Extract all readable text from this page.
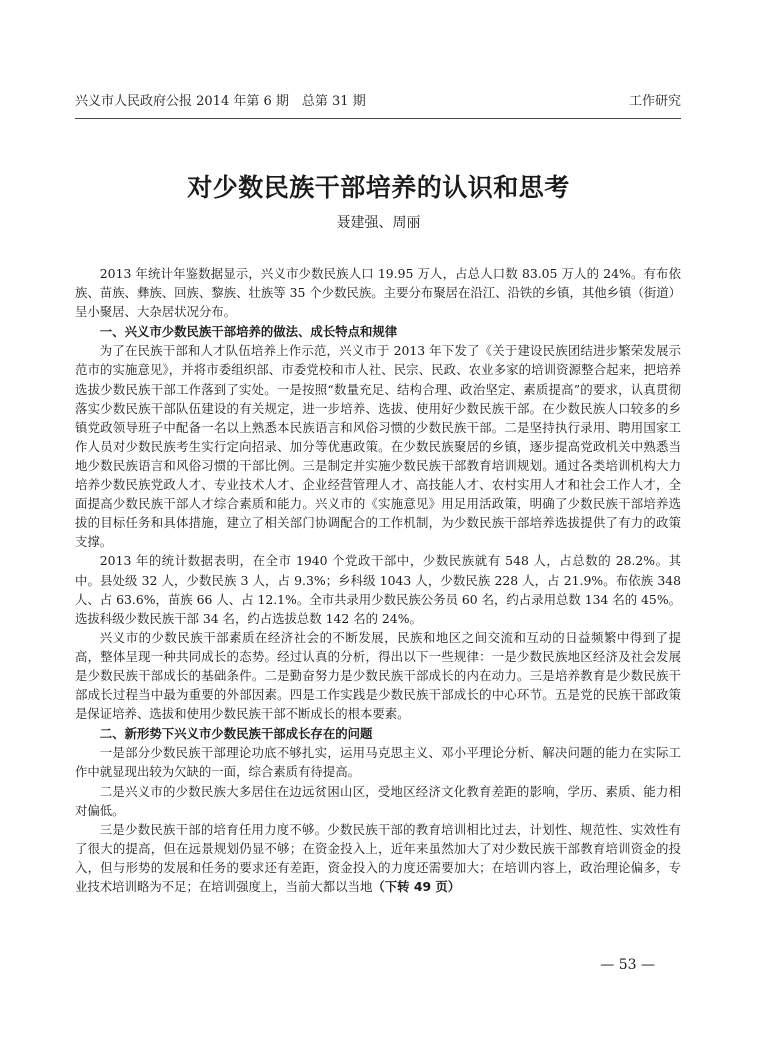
兴义市人民政府公报 2014 年第 6 期　总第 31 期	工作研究
对少数民族干部培养的认识和思考
聂建强、周丽

2013 年统计年鉴数据显示，兴义市少数民族人口 19.95 万人，占总人口数 83.05 万人的 24%。有布依族、苗族、彝族、回族、黎族、壮族等 35 个少数民族。主要分布聚居在沿江、沿铁的乡镇，其他乡镇（街道）呈小聚居、大杂居状况分布。

一、兴义市少数民族干部培养的做法、成长特点和规律

为了在民族干部和人才队伍培养上作示范，兴义市于 2013 年下发了《关于建设民族团结进步繁荣发展示范市的实施意见》，并将市委组织部、市委党校和市人社、民宗、民政、农业多家的培训资源整合起来，把培养选拔少数民族干部工作落到了实处。一是按照“数量充足、结构合理、政治坚定、素质提高”的要求，认真贯彻落实少数民族干部队伍建设的有关规定，进一步培养、选拔、使用好少数民族干部。在少数民族人口较多的乡镇党政领导班子中配备一名以上熟悉本民族语言和风俗习惯的少数民族干部。二是坚持执行录用、聘用国家工作人员对少数民族考生实行定向招录、加分等优惠政策。在少数民族聚居的乡镇，逐步提高党政机关中熟悉当地少数民族语言和风俗习惯的干部比例。三是制定并实施少数民族干部教育培训规划。通过各类培训机构大力培养少数民族党政人才、专业技术人才、企业经营管理人才、高技能人才、农村实用人才和社会工作人才，全面提高少数民族干部人才综合素质和能力。兴义市的《实施意见》用足用活政策，明确了少数民族干部培养选拔的目标任务和具体措施，建立了相关部门协调配合的工作机制，为少数民族干部培养选拔提供了有力的政策支撑。

2013 年的统计数据表明，在全市 1940 个党政干部中，少数民族就有 548 人，占总数的 28.2%。其中。县处级 32 人，少数民族 3 人，占 9.3%；乡科级 1043 人，少数民族 228 人，占 21.9%。布依族 348 人、占 63.6%，苗族 66 人、占 12.1%。全市共录用少数民族公务员 60 名，约占录用总数 134 名的 45%。选拔科级少数民族干部 34 名，约占选拔总数 142 名的 24%。

兴义市的少数民族干部素质在经济社会的不断发展，民族和地区之间交流和互动的日益频繁中得到了提高，整体呈现一种共同成长的态势。经过认真的分析，得出以下一些规律：一是少数民族地区经济及社会发展是少数民族干部成长的基础条件。二是勤奋努力是少数民族干部成长的内在动力。三是培养教育是少数民族干部成长过程当中最为重要的外部因素。四是工作实践是少数民族干部成长的中心环节。五是党的民族干部政策是保证培养、选拔和使用少数民族干部不断成长的根本要素。

二、新形势下兴义市少数民族干部成长存在的问题

一是部分少数民族干部理论功底不够扎实，运用马克思主义、邓小平理论分析、解决问题的能力在实际工作中就显现出较为欠缺的一面，综合素质有待提高。

二是兴义市的少数民族大多居住在边远贫困山区，受地区经济文化教育差距的影响，学历、素质、能力相对偏低。

三是少数民族干部的培育任用力度不够。少数民族干部的教育培训相比过去，计划性、规范性、实效性有了很大的提高，但在远景规划仍显不够；在资金投入上，近年来虽然加大了对少数民族干部教育培训资金的投入，但与形势的发展和任务的要求还有差距，资金投入的力度还需要加大；在培训内容上，政治理论偏多，专业技术培训略为不足；在培训强度上，当前大都以当地（下转 49 页）

— 53 —
